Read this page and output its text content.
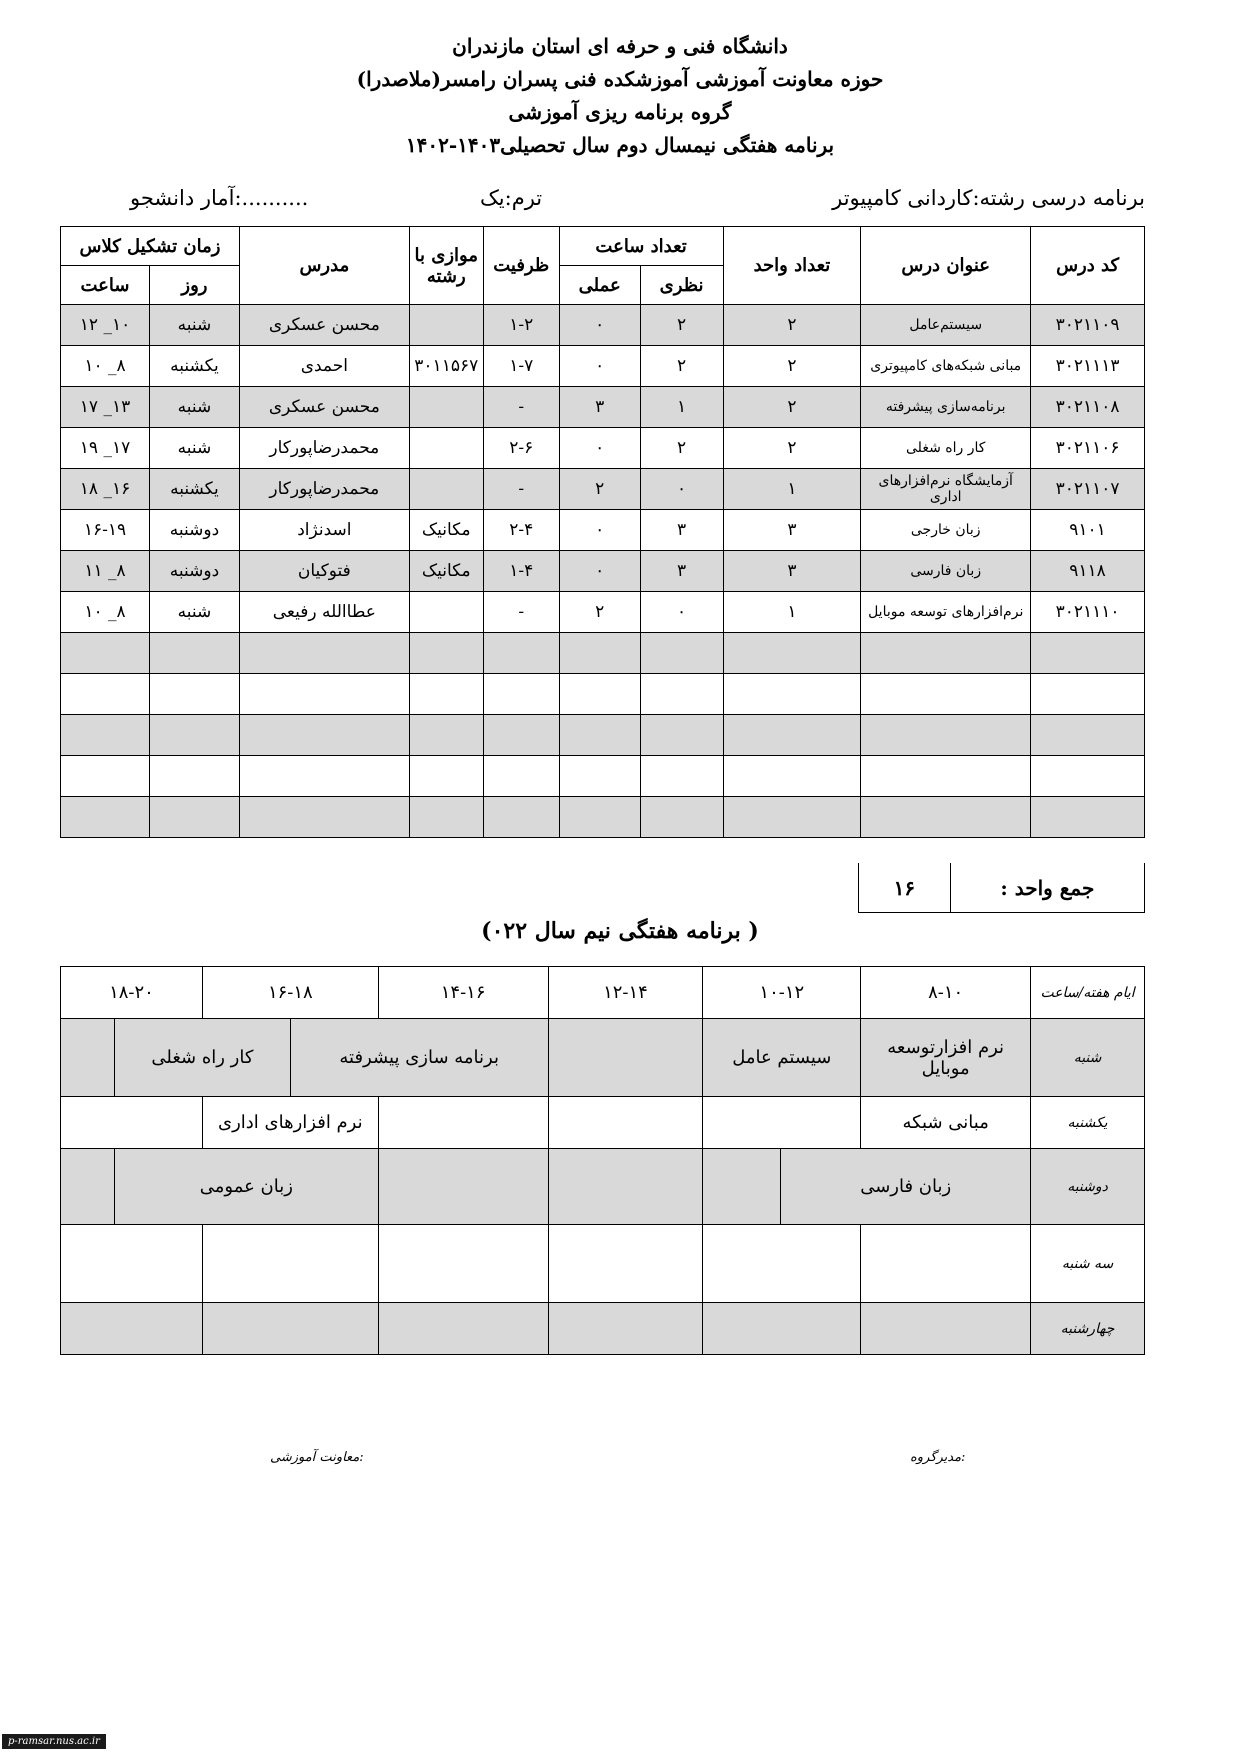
دانشگاه فنی و حرفه ای استان مازندران
حوزه معاونت آموزشی آموزشکده فنی پسران رامسر(ملاصدرا)
گروه برنامه ریزی آموزشی
برنامه هفتگی نیمسال دوم سال تحصیلی۱۴۰۳-۱۴۰۲
برنامه درسی رشته:کاردانی کامپیوتر
ترم:یک
آمار دانشجو:..........
کد درس	عنوان درس	تعداد واحد	تعداد ساعت		ظرفیت	موازی با رشته	مدرس	زمان تشکیل کلاس	
			نظری	عملی				روز	ساعت
۳۰۲۱۱۰۹	سیستم‌عامل	۲	۲	۰	۱-۲		محسن عسکری	شنبه	۱۰_ ۱۲
۳۰۲۱۱۱۳	مبانی شبکه‌های کامپیوتری	۲	۲	۰	۱-۷	۳۰۱۱۵۶۷	احمدی	یکشنبه	۸_ ۱۰
۳۰۲۱۱۰۸	برنامه‌سازی پیشرفته	۲	۱	۳	-		محسن عسکری	شنبه	۱۳_ ۱۷
۳۰۲۱۱۰۶	کار راه شغلی	۲	۲	۰	۲-۶		محمدرضاپورکار	شنبه	۱۷_ ۱۹
۳۰۲۱۱۰۷	آزمایشگاه نرم‌افزارهای اداری	۱	۰	۲	-		محمدرضاپورکار	یکشنبه	۱۶_ ۱۸
۹۱۰۱	زبان خارجی	۳	۳	۰	۲-۴	مکانیک	اسدنژاد	دوشنبه	۱۶-۱۹
۹۱۱۸	زبان فارسی	۳	۳	۰	۱-۴	مکانیک	فتوکیان	دوشنبه	۸_ ۱۱
۳۰۲۱۱۱۰	نرم‌افزارهای توسعه موبایل	۱	۰	۲	-		عطاالله رفیعی	شنبه	۸_ ۱۰

جمع واحد :
۱۶
(برنامه هفتگی نیم سال ۰۲۲ )
ایام هفته/ساعت	۸-۱۰	۱۰-۱۲		۱۲-۱۴	۱۴-۱۶	۱۶-۱۸		۱۸-۲۰	
شنبه	نرم افزارتوسعه موبایل	سیستم عامل			برنامه سازی پیشرفته		کار راه شغلی		
یکشنبه	مبانی شبکه					نرم افزارهای اداری			
دوشنبه	زبان فارسی					زبان عمومی			
سه شنبه									
چهارشنبه									
معاونت آموزشی:	مدیرگروه:
p-ramsar.nus.ac.ir
